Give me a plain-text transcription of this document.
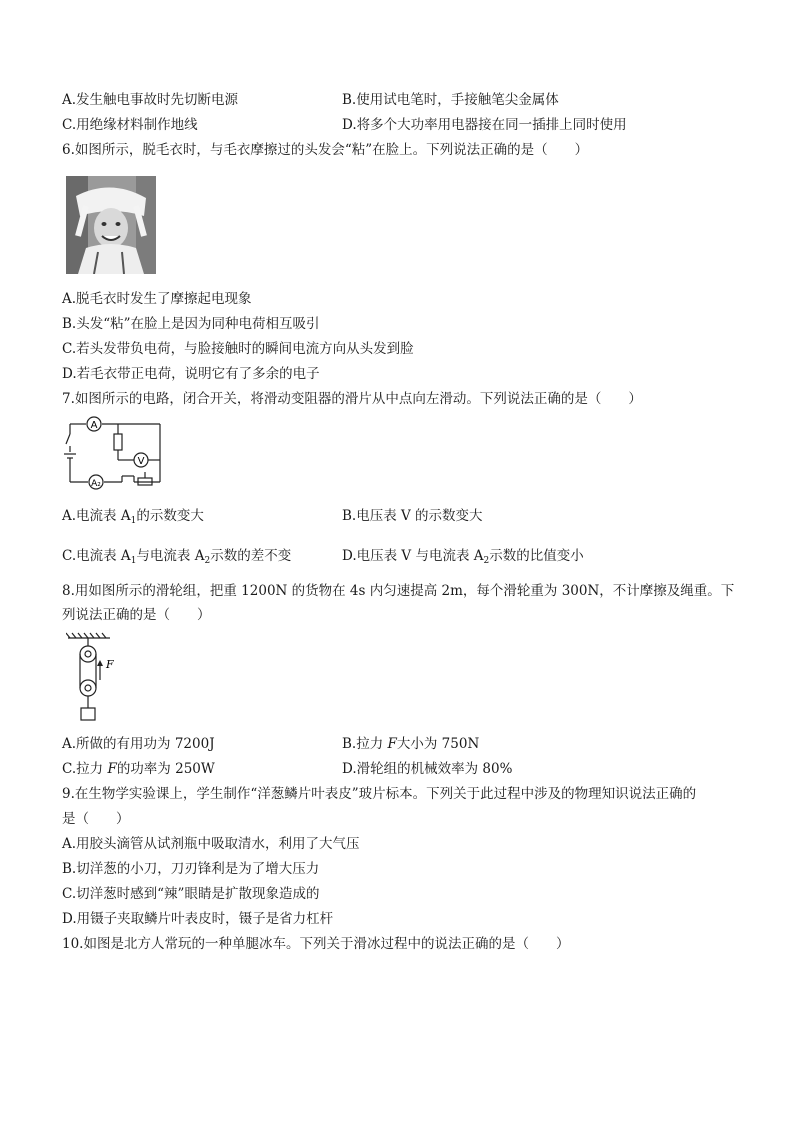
A.发生触电事故时先切断电源	B.使用试电笔时，手接触笔尖金属体
C.用绝缘材料制作地线	D.将多个大功率用电器接在同一插排上同时使用
6.如图所示，脱毛衣时，与毛衣摩擦过的头发会“粘”在脸上。下列说法正确的是（　　）
A.脱毛衣时发生了摩擦起电现象
B.头发“粘”在脸上是因为同种电荷相互吸引
C.若头发带负电荷，与脸接触时的瞬间电流方向从头发到脸
D.若毛衣带正电荷，说明它有了多余的电子
7.如图所示的电路，闭合开关，将滑动变阻器的滑片从中点向左滑动。下列说法正确的是（　　）
A
V
A₂
A.电流表 $A_1$的示数变大	B.电压表 V 的示数变大
C.电流表 $A_1$与电流表 $A_2$示数的差不变	D.电压表 V 与电流表 $A_2$示数的比值变小
8.用如图所示的滑轮组，把重 1200N 的货物在 4s 内匀速提高 2m，每个滑轮重为 300N，不计摩擦及绳重。下
列说法正确的是（　　）
F
A.所做的有用功为 7200J	B.拉力 F大小为 750N
C.拉力 F的功率为 250W	D.滑轮组的机械效率为 80%
9.在生物学实验课上，学生制作“洋葱鳞片叶表皮”玻片标本。下列关于此过程中涉及的物理知识说法正确的
是（　　）
A.用胶头滴管从试剂瓶中吸取清水，利用了大气压
B.切洋葱的小刀，刀刃锋利是为了增大压力
C.切洋葱时感到“辣”眼睛是扩散现象造成的
D.用镊子夹取鳞片叶表皮时，镊子是省力杠杆
10.如图是北方人常玩的一种单腿冰车。下列关于滑冰过程中的说法正确的是（　　）
